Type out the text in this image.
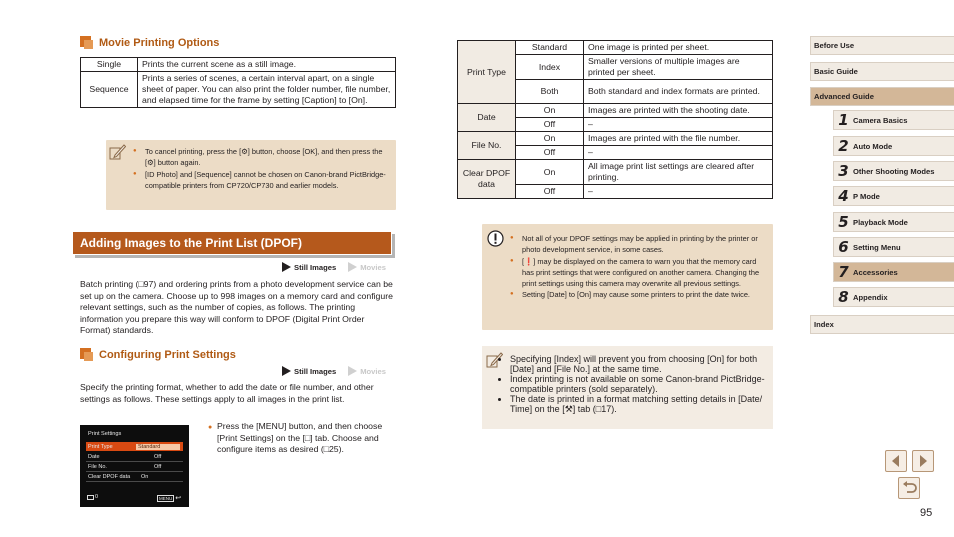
Movie Printing Options
Single	Prints the current scene as a still image.
Sequence	Prints a series of scenes, a certain interval apart, on a single sheet of paper. You can also print the folder number, file number, and elapsed time for the frame by setting [Caption] to [On].
● To cancel printing, press the [⚙] button, choose [OK], and then press the [⚙] button again.
● [ID Photo] and [Sequence] cannot be chosen on Canon-brand PictBridge-compatible printers from CP720/CP730 and earlier models.
Adding Images to the Print List (DPOF)
Still Images	Movies

Batch printing (□97) and ordering prints from a photo development service can be set up on the camera. Choose up to 998 images on a memory card and configure relevant settings, such as the number of copies, as follows. The printing information you prepare this way will conform to DPOF (Digital Print Order Format) standards.

Configuring Print Settings
Still Images	Movies

Specify the printing format, whether to add the date or file number, and other settings as follows. These settings apply to all images in the print list.

Print Settings
Print Type	Standard
Date	Off
File No.	Off
Clear DPOF data	On
0	MENU ↩
● Press the [MENU] button, and then choose [Print Settings] on the [□] tab. Choose and configure items as desired (□25).
Print Type	Standard	One image is printed per sheet.
	Index	Smaller versions of multiple images are printed per sheet.
	Both	Both standard and index formats are printed.
Date	On	Images are printed with the shooting date.
	Off	–
File No.	On	Images are printed with the file number.
	Off	–
Clear DPOF data	On	All image print list settings are cleared after printing.
	Off	–
● Not all of your DPOF settings may be applied in printing by the printer or photo development service, in some cases.
● [❗] may be displayed on the camera to warn you that the memory card has print settings that were configured on another camera. Changing the print settings using this camera may overwrite all previous settings.
● Setting [Date] to [On] may cause some printers to print the date twice.
• Specifying [Index] will prevent you from choosing [On] for both [Date] and [File No.] at the same time.
• Index printing is not available on some Canon-brand PictBridge-compatible printers (sold separately).
• The date is printed in a format matching setting details in [Date/ Time] on the [⚒] tab (□17).
Before Use
Basic Guide
Advanced Guide
1 Camera Basics
2 Auto Mode
3 Other Shooting Modes
4 P Mode
5 Playback Mode
6 Setting Menu
7 Accessories
8 Appendix
Index
95
